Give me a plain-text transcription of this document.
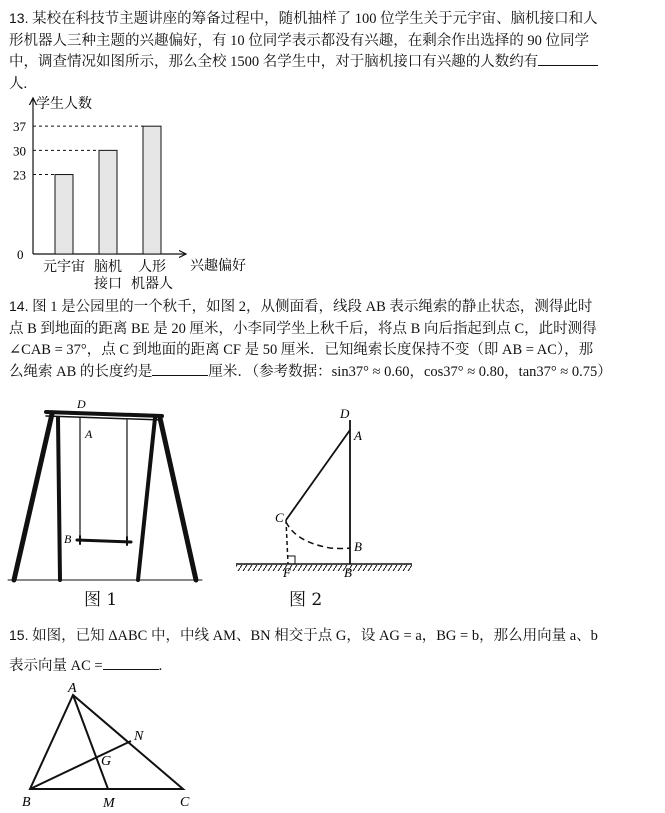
13. 某校在科技节主题讲座的筹备过程中，随机抽样了 100 位学生关于元宇宙、脑机接口和人
形机器人三种主题的兴趣偏好，有 10 位同学表示都没有兴趣，在剩余作出选择的 90 位同学
中，调查情况如图所示，那么全校 1500 名学生中，对于脑机接口有兴趣的人数约有
人.

学生人数
兴趣偏好
0
23
元宇宙
30
脑机
接口
37
人形
机器人

14. 图 1 是公园里的一个秋千，如图 2，从侧面看，线段 AB 表示绳索的静止状态，测得此时
点 B 到地面的距离 BE 是 20 厘米，小李同学坐上秋千后，将点 B 向后指起到点 C，此时测得
∠CAB = 37°，点 C 到地面的距离 CF 是 50 厘米．已知绳索长度保持不变（即 AB = AC），那
么绳索 AB 的长度约是	厘米．（参考数据：sin37° ≈ 0.60，cos37° ≈ 0.80，tan37° ≈ 0.75）

D
A
B
图 1
D
A
C
B
F	B
图 2

15. 如图，已知 ΔABC 中，中线 AM、BN 相交于点 G，设 AG = a，BG = b，那么用向量 a、b
表示向量 AC =	.

A
N
G
B	M	C
